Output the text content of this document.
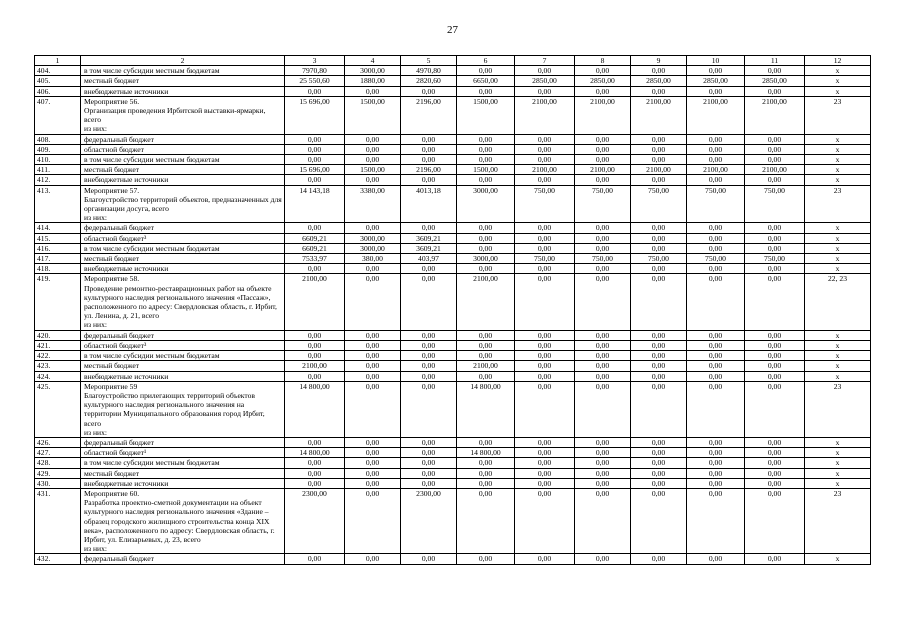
27
1	2	3	4	5	6	7	8	9	10	11	12
404.	в том числе субсидии местным бюджетам	7970,80	3000,00	4970,80	0,00	0,00	0,00	0,00	0,00	0,00	x
405.	местный бюджет	25 550,60	1880,00	2820,60	6650,00	2850,00	2850,00	2850,00	2850,00	2850,00	x
406.	внебюджетные источники	0,00	0,00	0,00	0,00	0,00	0,00	0,00	0,00	0,00	x
407.	Мероприятие 56.
Организация проведения Ирбитской выставки-ярмарки, всего
из них:	15 696,00	1500,00	2196,00	1500,00	2100,00	2100,00	2100,00	2100,00	2100,00	23
408.	федеральный бюджет	0,00	0,00	0,00	0,00	0,00	0,00	0,00	0,00	0,00	x
409.	областной бюджет	0,00	0,00	0,00	0,00	0,00	0,00	0,00	0,00	0,00	x
410.	в том числе субсидии местным бюджетам	0,00	0,00	0,00	0,00	0,00	0,00	0,00	0,00	0,00	x
411.	местный бюджет	15 696,00	1500,00	2196,00	1500,00	2100,00	2100,00	2100,00	2100,00	2100,00	x
412.	внебюджетные источники	0,00	0,00	0,00	0,00	0,00	0,00	0,00	0,00	0,00	x
413.	Мероприятие 57.
Благоустройство территорий объектов, предназначенных для организации досуга, всего
из них:	14 143,18	3380,00	4013,18	3000,00	750,00	750,00	750,00	750,00	750,00	23
414.	федеральный бюджет	0,00	0,00	0,00	0,00	0,00	0,00	0,00	0,00	0,00	x
415.	областной бюджет³	6609,21	3000,00	3609,21	0,00	0,00	0,00	0,00	0,00	0,00	x
416.	в том числе субсидии местным бюджетам	6609,21	3000,00	3609,21	0,00	0,00	0,00	0,00	0,00	0,00	x
417.	местный бюджет	7533,97	380,00	403,97	3000,00	750,00	750,00	750,00	750,00	750,00	x
418.	внебюджетные источники	0,00	0,00	0,00	0,00	0,00	0,00	0,00	0,00	0,00	x
419.	Мероприятие 58.
Проведение ремонтно-реставрационных работ на объекте культурного наследия регионального значения «Пассаж», расположенного по адресу: Свердловская область, г. Ирбит, ул. Ленина, д. 21, всего
из них:	2100,00	0,00	0,00	2100,00	0,00	0,00	0,00	0,00	0,00	22, 23
420.	федеральный бюджет	0,00	0,00	0,00	0,00	0,00	0,00	0,00	0,00	0,00	x
421.	областной бюджет³	0,00	0,00	0,00	0,00	0,00	0,00	0,00	0,00	0,00	x
422.	в том числе субсидии местным бюджетам	0,00	0,00	0,00	0,00	0,00	0,00	0,00	0,00	0,00	x
423.	местный бюджет	2100,00	0,00	0,00	2100,00	0,00	0,00	0,00	0,00	0,00	x
424.	внебюджетные источники	0,00	0,00	0,00	0,00	0,00	0,00	0,00	0,00	0,00	x
425.	Мероприятие 59
Благоустройство прилегающих территорий объектов культурного наследия регионального значения на территории Муниципального образования город Ирбит, всего
из них:	14 800,00	0,00	0,00	14 800,00	0,00	0,00	0,00	0,00	0,00	23
426.	федеральный бюджет	0,00	0,00	0,00	0,00	0,00	0,00	0,00	0,00	0,00	x
427.	областной бюджет¹	14 800,00	0,00	0,00	14 800,00	0,00	0,00	0,00	0,00	0,00	x
428.	в том числе субсидии местным бюджетам	0,00	0,00	0,00	0,00	0,00	0,00	0,00	0,00	0,00	x
429.	местный бюджет	0,00	0,00	0,00	0,00	0,00	0,00	0,00	0,00	0,00	x
430.	внебюджетные источники	0,00	0,00	0,00	0,00	0,00	0,00	0,00	0,00	0,00	x
431.	Мероприятие 60.
Разработка проектно-сметной документации на объект культурного наследия регионального значения «Здание – образец городского жилищного строительства конца XIX века», расположенного по адресу: Свердловская область, г. Ирбит, ул. Елизарьевых, д. 23, всего
из них:	2300,00	0,00	2300,00	0,00	0,00	0,00	0,00	0,00	0,00	23
432.	федеральный бюджет	0,00	0,00	0,00	0,00	0,00	0,00	0,00	0,00	0,00	x
